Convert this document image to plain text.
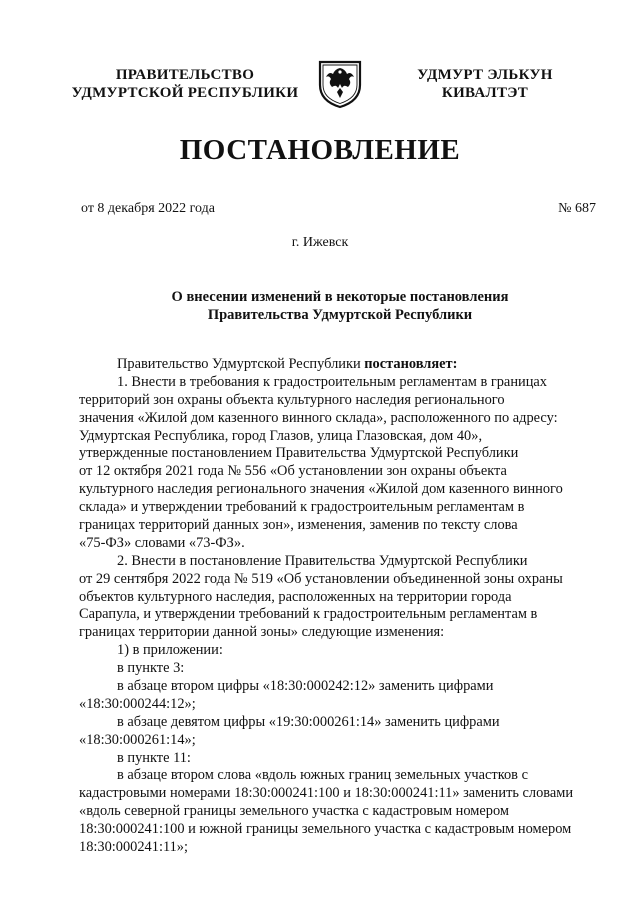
ПРАВИТЕЛЬСТВО
УДМУРТСКОЙ РЕСПУБЛИКИ
УДМУРТ ЭЛЬКУН
КИВАЛТЭТ
ПОСТАНОВЛЕНИЕ
от 8 декабря 2022 года	№ 687
г. Ижевск
О внесении изменений в некоторые постановления
Правительства Удмуртской Республики
Правительство Удмуртской Республики постановляет:
1. Внести в требования к градостроительным регламентам в границах
территорий зон охраны объекта культурного наследия регионального
значения «Жилой дом казенного винного склада», расположенного по адресу:
Удмуртская Республика, город Глазов, улица Глазовская, дом 40»,
утвержденные постановлением Правительства Удмуртской Республики
от 12 октября 2021 года № 556 «Об установлении зон охраны объекта
культурного наследия регионального значения «Жилой дом казенного винного
склада» и утверждении требований к градостроительным регламентам в
границах территорий данных зон», изменения, заменив по тексту слова
«75-ФЗ» словами «73-ФЗ».
2. Внести в постановление Правительства Удмуртской Республики
от 29 сентября 2022 года № 519 «Об установлении объединенной зоны охраны
объектов культурного наследия, расположенных на территории города
Сарапула, и утверждении требований к градостроительным регламентам в
границах территории данной зоны» следующие изменения:
1) в приложении:
в пункте 3:
в абзаце втором цифры «18:30:000242:12» заменить цифрами
«18:30:000244:12»;
в абзаце девятом цифры «19:30:000261:14» заменить цифрами
«18:30:000261:14»;
в пункте 11:
в абзаце втором слова «вдоль южных границ земельных участков с
кадастровыми номерами 18:30:000241:100 и 18:30:000241:11» заменить словами
«вдоль северной границы земельного участка с кадастровым номером
18:30:000241:100 и южной границы земельного участка с кадастровым номером
18:30:000241:11»;
